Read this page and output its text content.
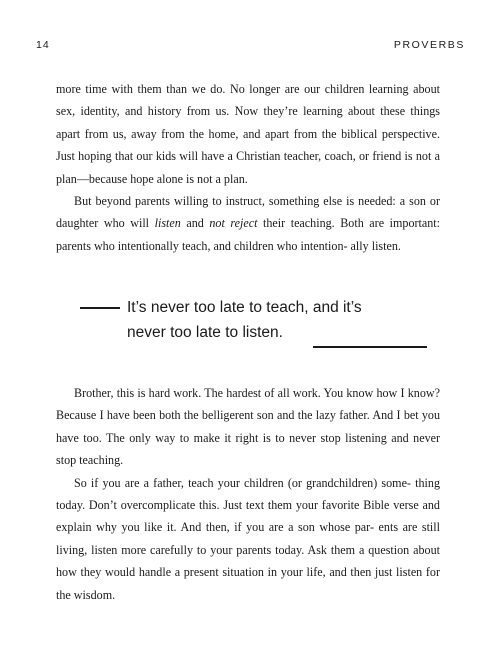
14	PROVERBS

more time with them than we do. No longer are our children learning about sex, identity, and history from us. Now they’re learning about these things apart from us, away from the home, and apart from the biblical perspective. Just hoping that our kids will have a Christian teacher, coach, or friend is not a plan—because hope alone is not a plan.

But beyond parents willing to instruct, something else is needed: a son or daughter who will listen and not reject their teaching. Both are important: parents who intentionally teach, and children who intention- ally listen.

It’s never too late to teach, and it’s
never too late to listen.

Brother, this is hard work. The hardest of all work. You know how I know? Because I have been both the belligerent son and the lazy father. And I bet you have too. The only way to make it right is to never stop listening and never stop teaching.

So if you are a father, teach your children (or grandchildren) some- thing today. Don’t overcomplicate this. Just text them your favorite Bible verse and explain why you like it. And then, if you are a son whose par- ents are still living, listen more carefully to your parents today. Ask them a question about how they would handle a present situation in your life, and then just listen for the wisdom.
